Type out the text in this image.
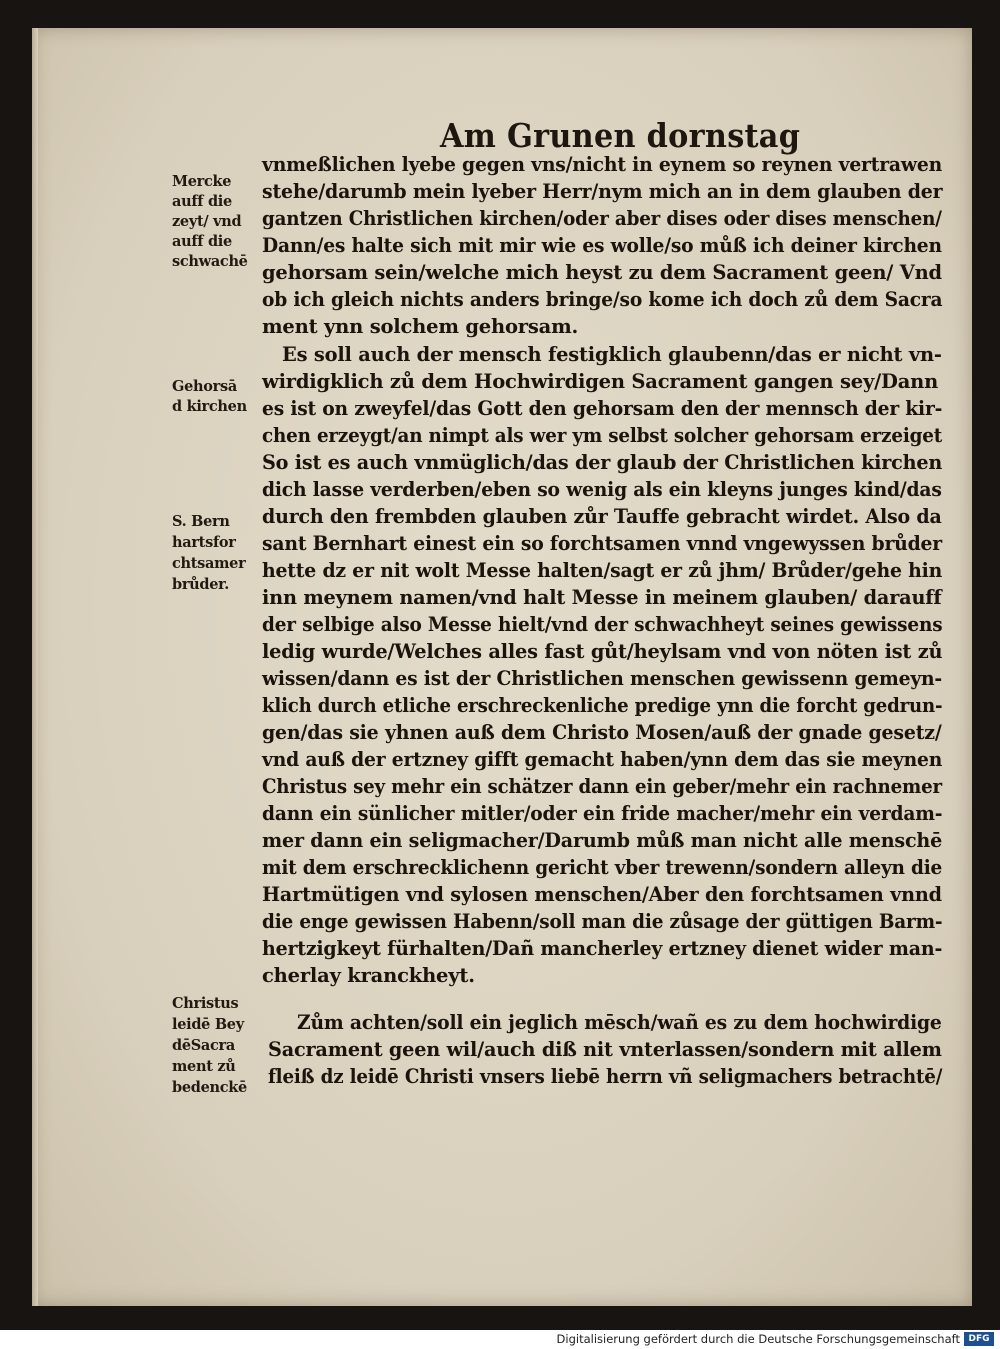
Am Grunen dornstag
Mercke
auff die
zeyt/ vnd
auff die
schwachē
Gehorsā
d kirchen
S. Bern
hartsfor
chtsamer
brůder.
Christus
leidē Bey
dēSacra
ment zů
bedenckē
vnmeßlichen lyebe gegen vns/nicht in eynem so reynen vertrawen
stehe/darumb mein lyeber Herr/nym mich an in dem glauben der
gantzen Christlichen kirchen/oder aber dises oder dises menschen/
Dann/es halte sich mit mir wie es wolle/so můß ich deiner kirchen
gehorsam sein/welche mich heyst zu dem Sacrament geen/ Vnd
ob ich gleich nichts anders bringe/so kome ich doch zů dem Sacra
ment ynn solchem gehorsam.
Es soll auch der mensch festigklich glaubenn/das er nicht vn-
wirdigklich zů dem Hochwirdigen Sacrament gangen sey/Dann
es ist on zweyfel/das Gott den gehorsam den der mennsch der kir-
chen erzeygt/an nimpt als wer ym selbst solcher gehorsam erzeiget
So ist es auch vnmüglich/das der glaub der Christlichen kirchen
dich lasse verderben/eben so wenig als ein kleyns junges kind/das
durch den frembden glauben zůr Tauffe gebracht wirdet. Also da
sant Bernhart einest ein so forchtsamen vnnd vngewyssen brůder
hette dz er nit wolt Messe halten/sagt er zů jhm/ Brůder/gehe hin
inn meynem namen/vnd halt Messe in meinem glauben/ darauff
der selbige also Messe hielt/vnd der schwachheyt seines gewissens
ledig wurde/Welches alles fast gůt/heylsam vnd von nöten ist zů
wissen/dann es ist der Christlichen menschen gewissenn gemeyn-
klich durch etliche erschreckenliche predige ynn die forcht gedrun-
gen/das sie yhnen auß dem Christo Mosen/auß der gnade gesetz/
vnd auß der ertzney gifft gemacht haben/ynn dem das sie meynen
Christus sey mehr ein schätzer dann ein geber/mehr ein rachnemer
dann ein sünlicher mitler/oder ein fride macher/mehr ein verdam-
mer dann ein seligmacher/Darumb můß man nicht alle menschē
mit dem erschrecklichenn gericht vber trewenn/sondern alleyn die
Hartmütigen vnd sylosen menschen/Aber den forchtsamen vnnd
die enge gewissen Habenn/soll man die zůsage der güttigen Barm-
hertzigkeyt fürhalten/Dañ mancherley ertzney dienet wider man-
cherlay kranckheyt.
Zům achten/soll ein jeglich mēsch/wañ es zu dem hochwirdige
Sacrament geen wil/auch diß nit vnterlassen/sondern mit allem
fleiß dz leidē Christi vnsers liebē herrn vñ seligmachers betrachtē/
Digitalisierung gefördert durch die Deutsche Forschungsgemeinschaft DFG
